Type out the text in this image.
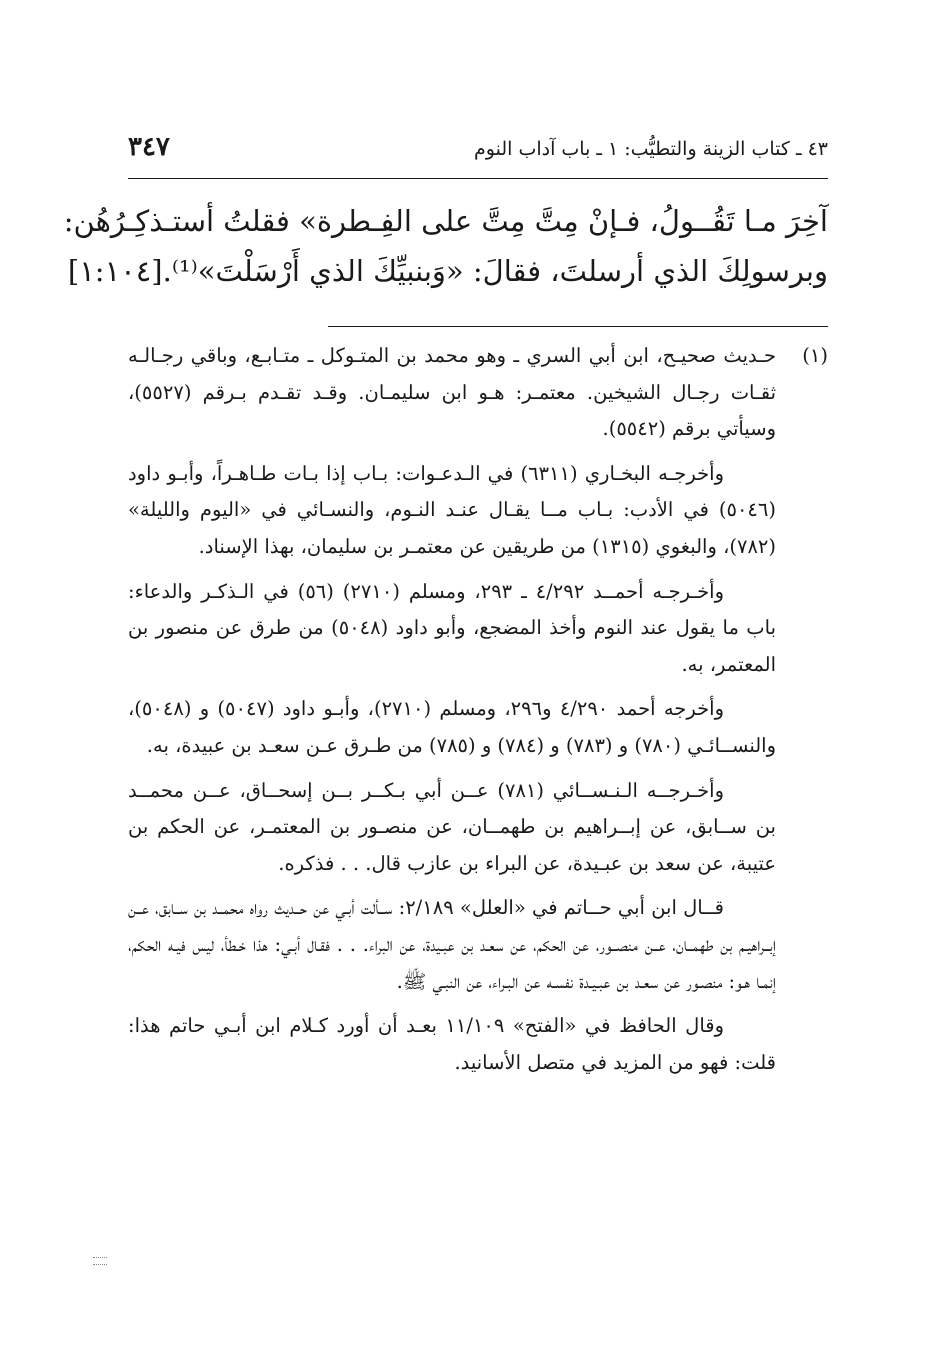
٤٣ ـ كتاب الزينة والتطيُّب: ١ ـ باب آداب النوم
٣٤٧
آخِرَ مـا تَقُــولُ، فـإنْ مِتَّ مِتَّ على الفِـطرة» فقلتُ أستـذكِـرُهُن:
وبرسولِكَ الذي أرسلتَ، فقالَ: «وَبنبيِّكَ الذي أَرْسَلْتَ»⁽¹⁾.[١:١٠٤]

(١)
حـديث صحيـح، ابن أبي السري ـ وهو محمد بن المتـوكل ـ متـابـع، وباقي رجـالـه ثقـات رجـال الشيخين. معتمـر: هـو ابن سليمـان. وقـد تقـدم بـرقم (٥٥٢٧)، وسيأتي برقم (٥٥٤٢).

وأخرجـه البخـاري (٦٣١١) في الـدعـوات: بـاب إذا بـات طـاهـراً، وأبـو داود (٥٠٤٦) في الأدب: بـاب مــا يقـال عنـد النـوم، والنسـائي في «اليوم والليلة» (٧٨٢)، والبغوي (١٣١٥) من طريقين عن معتمـر بن سليمان، بهذا الإسناد.

وأخـرجـه أحمــد ٤/٢٩٢ ـ ٢٩٣، ومسلم (٢٧١٠) (٥٦) في الـذكـر والدعاء: باب ما يقول عند النوم وأخذ المضجع، وأبو داود (٥٠٤٨) من طرق عن منصور بن المعتمر، به.

وأخرجه أحمد ٤/٢٩٠ و٢٩٦، ومسلم (٢٧١٠)، وأبـو داود (٥٠٤٧) و (٥٠٤٨)، والنســائـي (٧٨٠) و (٧٨٣) و (٧٨٤) و (٧٨٥) من طـرق عـن سعـد بن عبيدة، به.

وأخـرجــه الـنـســائي (٧٨١) عــن أبي بـكــر بــن إسحــاق، عــن محمــد بن ســابق، عن إبــراهيم بن طهمــان، عن منصـور بن المعتمـر، عن الحكم بن عتيبة، عن سعد بن عبـيدة، عن البراء بن عازب قال. . . فذكره.

قــال ابن أبي حــاتم في «العلل» ٢/١٨٩: ســألت أبـي عن حــديث رواه محمــد بن ســابق، عــن إبــراهيـم بن طهمــان، عــن منصــور، عن الحكم، عن سعـد بن عبـيدة، عن البراء. . . فقـال أبـي: هذا خـطأ، ليس فيـه الحكم، إنمـا هـو: منصـور عن سعـد بن عبـيـدة نفسـه عن البـراء، عن النبـي ﷺ.

وقال الحافظ في «الفتح» ١١/١٠٩ بعـد أن أورد كـلام ابن أبـي حاتم هذا: قلت: فهو من المزيد في متصل الأسانيد.
